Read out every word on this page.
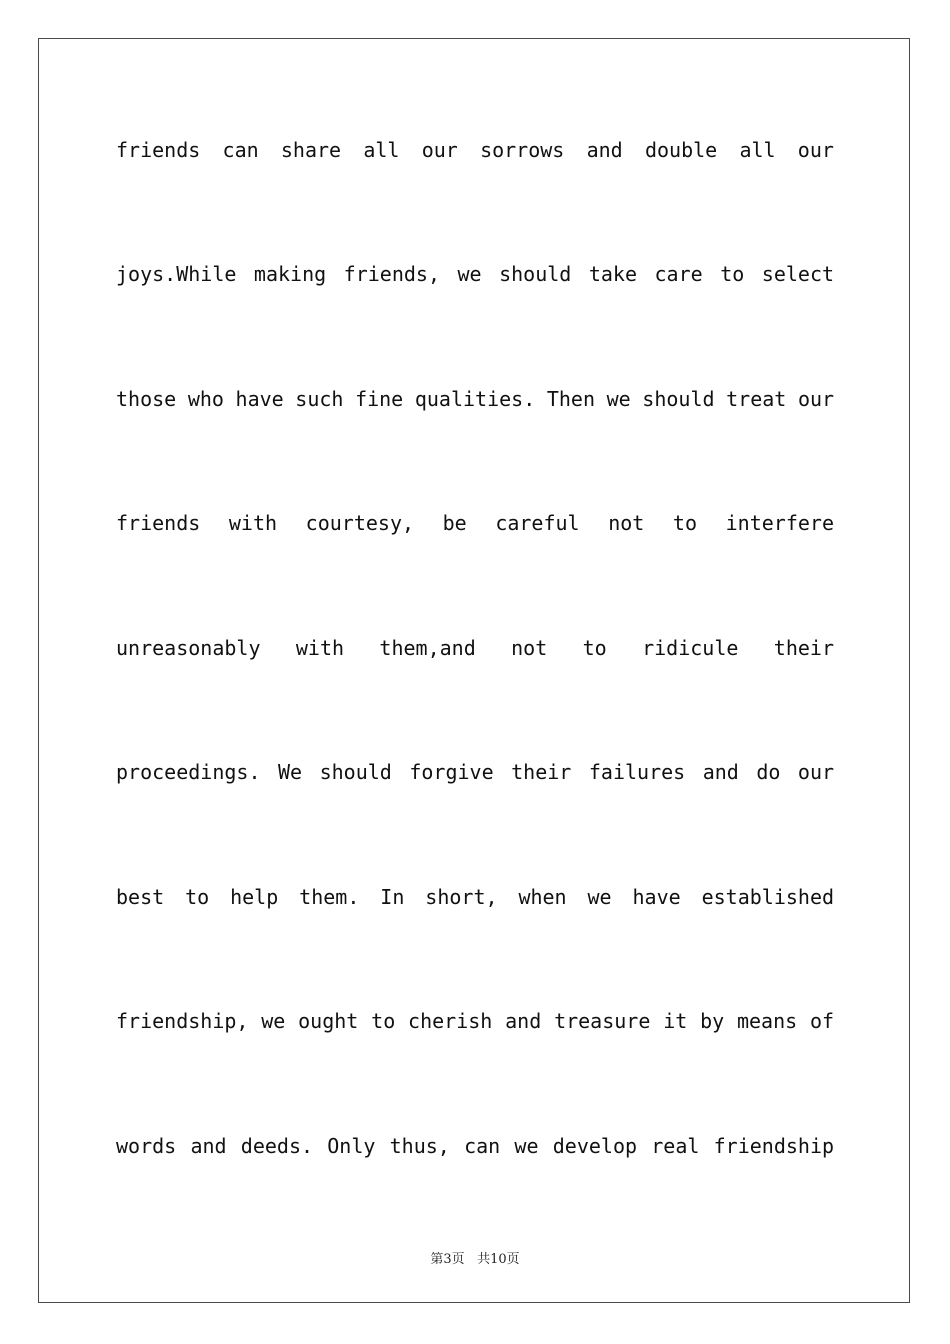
friends can share all our sorrows and double all our
joys.While making friends, we should take care to select
those who have such fine qualities. Then we should treat our
friends with courtesy, be careful not to interfere
unreasonably with them,and not to ridicule their
proceedings. We should forgive their failures and do our
best to help them. In short, when we have established
friendship, we ought to cherish and treasure it by means of
words and deeds. Only thus, can we develop real friendship
第3页 共10页
